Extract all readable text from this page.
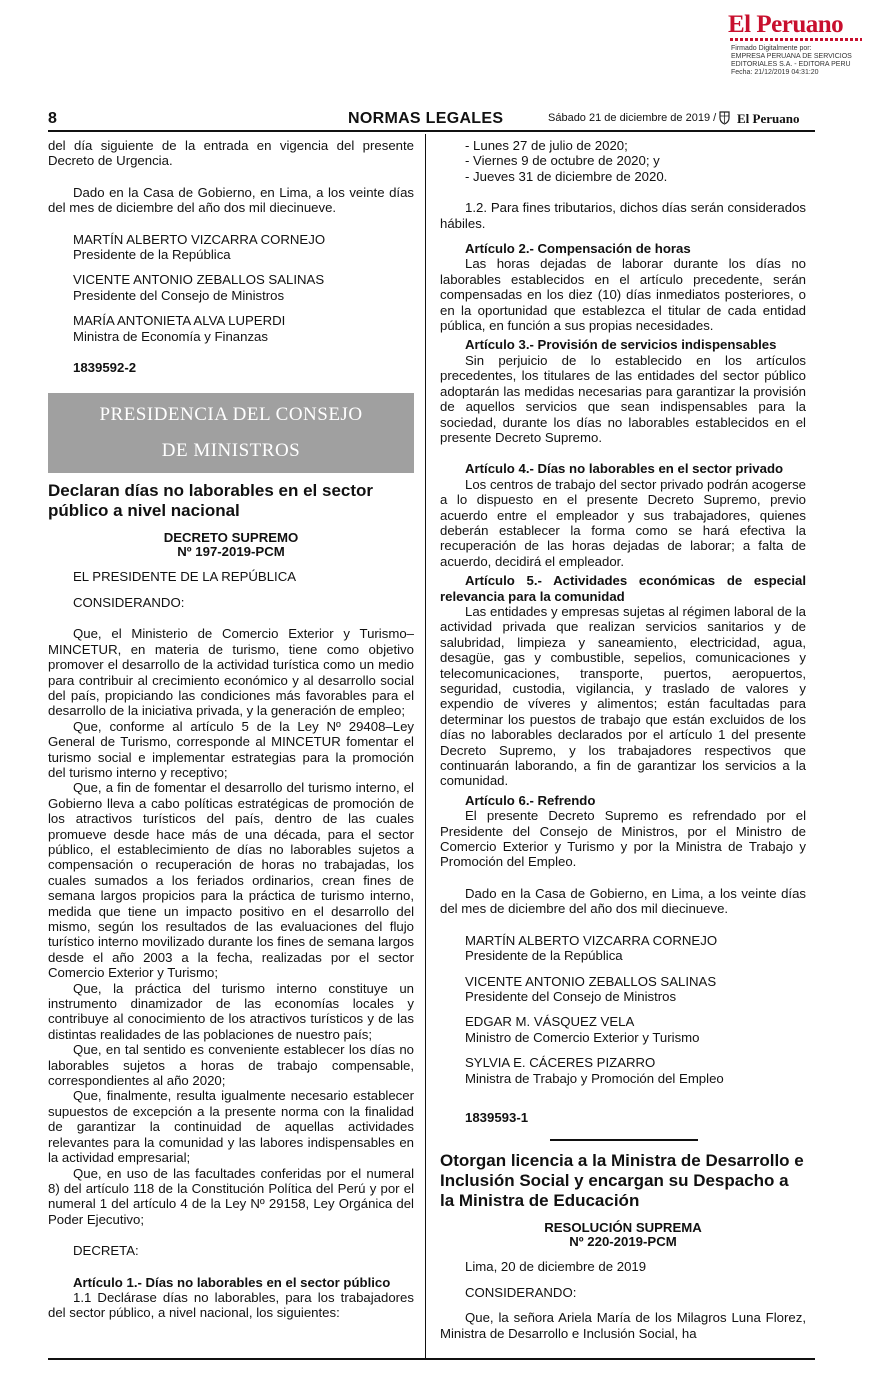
El Peruano
Firmado Digitalmente por:
EMPRESA PERUANA DE SERVICIOS
EDITORIALES S.A. - EDITORA PERU
Fecha: 21/12/2019 04:31:20
8	NORMAS LEGALES	Sábado 21 de diciembre de 2019 / El Peruano

del día siguiente de la entrada en vigencia del presente Decreto de Urgencia.

Dado en la Casa de Gobierno, en Lima, a los veinte días del mes de diciembre del año dos mil diecinueve.

MARTÍN ALBERTO VIZCARRA CORNEJO
Presidente de la República
VICENTE ANTONIO ZEBALLOS SALINAS
Presidente del Consejo de Ministros
MARÍA ANTONIETA ALVA LUPERDI
Ministra de Economía y Finanzas

1839592-2

PRESIDENCIA DEL CONSEJO
DE MINISTROS
Declaran días no laborables en el sector público a nivel nacional
DECRETO SUPREMO
Nº 197-2019-PCM

EL PRESIDENTE DE LA REPÚBLICA

CONSIDERANDO:

Que, el Ministerio de Comercio Exterior y Turismo–MINCETUR, en materia de turismo, tiene como objetivo promover el desarrollo de la actividad turística como un medio para contribuir al crecimiento económico y al desarrollo social del país, propiciando las condiciones más favorables para el desarrollo de la iniciativa privada, y la generación de empleo;

Que, conforme al artículo 5 de la Ley Nº 29408–Ley General de Turismo, corresponde al MINCETUR fomentar el turismo social e implementar estrategias para la promoción del turismo interno y receptivo;

Que, a fin de fomentar el desarrollo del turismo interno, el Gobierno lleva a cabo políticas estratégicas de promoción de los atractivos turísticos del país, dentro de las cuales promueve desde hace más de una década, para el sector público, el establecimiento de días no laborables sujetos a compensación o recuperación de horas no trabajadas, los cuales sumados a los feriados ordinarios, crean fines de semana largos propicios para la práctica de turismo interno, medida que tiene un impacto positivo en el desarrollo del mismo, según los resultados de las evaluaciones del flujo turístico interno movilizado durante los fines de semana largos desde el año 2003 a la fecha, realizadas por el sector Comercio Exterior y Turismo;

Que, la práctica del turismo interno constituye un instrumento dinamizador de las economías locales y contribuye al conocimiento de los atractivos turísticos y de las distintas realidades de las poblaciones de nuestro país;

Que, en tal sentido es conveniente establecer los días no laborables sujetos a horas de trabajo compensable, correspondientes al año 2020;

Que, finalmente, resulta igualmente necesario establecer supuestos de excepción a la presente norma con la finalidad de garantizar la continuidad de aquellas actividades relevantes para la comunidad y las labores indispensables en la actividad empresarial;

Que, en uso de las facultades conferidas por el numeral 8) del artículo 118 de la Constitución Política del Perú y por el numeral 1 del artículo 4 de la Ley Nº 29158, Ley Orgánica del Poder Ejecutivo;

DECRETA:

Artículo 1.- Días no laborables en el sector público

1.1 Declárase días no laborables, para los trabajadores del sector público, a nivel nacional, los siguientes:

- Lunes 27 de julio de 2020;
- Viernes 9 de octubre de 2020; y
- Jueves 31 de diciembre de 2020.

1.2. Para fines tributarios, dichos días serán considerados hábiles.

Artículo 2.- Compensación de horas

Las horas dejadas de laborar durante los días no laborables establecidos en el artículo precedente, serán compensadas en los diez (10) días inmediatos posteriores, o en la oportunidad que establezca el titular de cada entidad pública, en función a sus propias necesidades.

Artículo 3.- Provisión de servicios indispensables

Sin perjuicio de lo establecido en los artículos precedentes, los titulares de las entidades del sector público adoptarán las medidas necesarias para garantizar la provisión de aquellos servicios que sean indispensables para la sociedad, durante los días no laborables establecidos en el presente Decreto Supremo.

Artículo 4.- Días no laborables en el sector privado

Los centros de trabajo del sector privado podrán acogerse a lo dispuesto en el presente Decreto Supremo, previo acuerdo entre el empleador y sus trabajadores, quienes deberán establecer la forma como se hará efectiva la recuperación de las horas dejadas de laborar; a falta de acuerdo, decidirá el empleador.

Artículo 5.- Actividades económicas de especial relevancia para la comunidad

Las entidades y empresas sujetas al régimen laboral de la actividad privada que realizan servicios sanitarios y de salubridad, limpieza y saneamiento, electricidad, agua, desagüe, gas y combustible, sepelios, comunicaciones y telecomunicaciones, transporte, puertos, aeropuertos, seguridad, custodia, vigilancia, y traslado de valores y expendio de víveres y alimentos; están facultadas para determinar los puestos de trabajo que están excluidos de los días no laborables declarados por el artículo 1 del presente Decreto Supremo, y los trabajadores respectivos que continuarán laborando, a fin de garantizar los servicios a la comunidad.

Artículo 6.- Refrendo

El presente Decreto Supremo es refrendado por el Presidente del Consejo de Ministros, por el Ministro de Comercio Exterior y Turismo y por la Ministra de Trabajo y Promoción del Empleo.

Dado en la Casa de Gobierno, en Lima, a los veinte días del mes de diciembre del año dos mil diecinueve.

MARTÍN ALBERTO VIZCARRA CORNEJO
Presidente de la República
VICENTE ANTONIO ZEBALLOS SALINAS
Presidente del Consejo de Ministros
EDGAR M. VÁSQUEZ VELA
Ministro de Comercio Exterior y Turismo
SYLVIA E. CÁCERES PIZARRO
Ministra de Trabajo y Promoción del Empleo

1839593-1

Otorgan licencia a la Ministra de Desarrollo e Inclusión Social y encargan su Despacho a la Ministra de Educación
RESOLUCIÓN SUPREMA
Nº 220-2019-PCM

Lima, 20 de diciembre de 2019

CONSIDERANDO:

Que, la señora Ariela María de los Milagros Luna Florez, Ministra de Desarrollo e Inclusión Social, ha
